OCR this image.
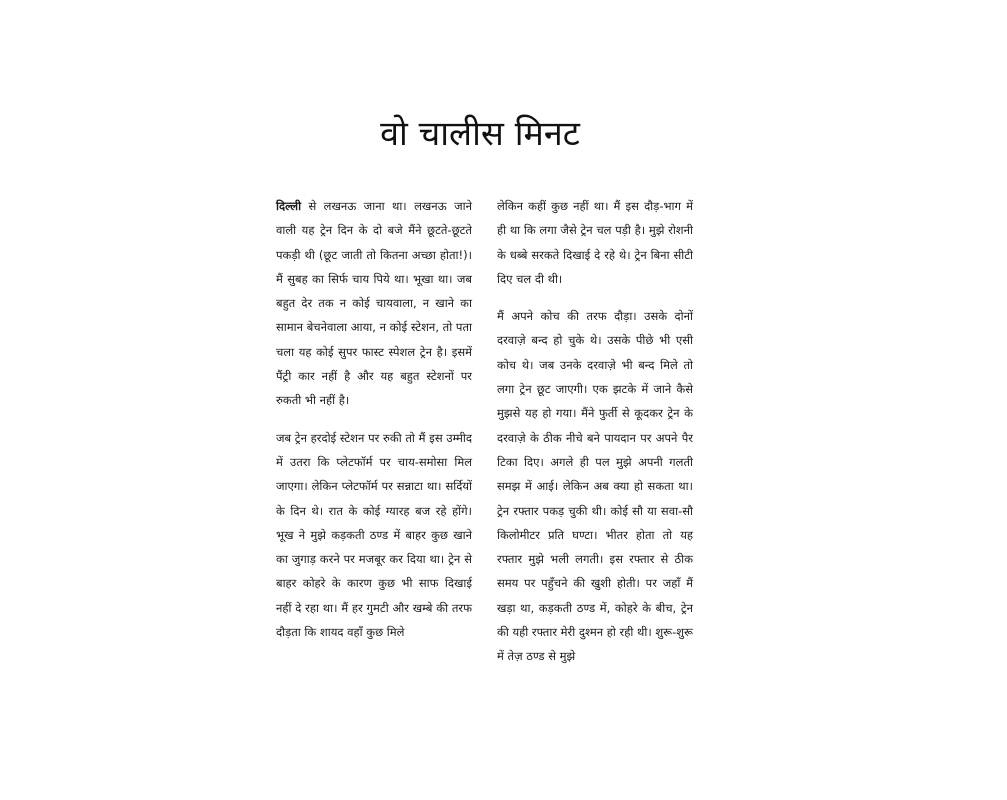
वो चालीस मिनट

दिल्ली से लखनऊ जाना था। लखनऊ जाने वाली यह ट्रेन दिन के दो बजे मैंने छूटते-छूटते पकड़ी थी (छूट जाती तो कितना अच्छा होता!)। मैं सुबह का सिर्फ चाय पिये था। भूखा था। जब बहुत देर तक न कोई चायवाला, न खाने का सामान बेचनेवाला आया, न कोई स्टेशन, तो पता चला यह कोई सुपर फास्ट स्पेशल ट्रेन है। इसमें पैंट्री कार नहीं है और यह बहुत स्टेशनों पर रुकती भी नहीं है।

जब ट्रेन हरदोई स्टेशन पर रुकी तो मैं इस उम्मीद में उतरा कि प्लेटफॉर्म पर चाय-समोसा मिल जाएगा। लेकिन प्लेटफॉर्म पर सन्नाटा था। सर्दियों के दिन थे। रात के कोई ग्यारह बज रहे होंगे। भूख ने मुझे कड़कती ठण्ड में बाहर कुछ खाने का जुगाड़ करने पर मजबूर कर दिया था। ट्रेन से बाहर कोहरे के कारण कुछ भी साफ दिखाई नहीं दे रहा था। मैं हर गुमटी और खम्बे की तरफ दौड़ता कि शायद वहाँ कुछ मिले

लेकिन कहीं कुछ नहीं था। मैं इस दौड़-भाग में ही था कि लगा जैसे ट्रेन चल पड़ी है। मुझे रोशनी के धब्बे सरकते दिखाई दे रहे थे। ट्रेन बिना सीटी दिए चल दी थी।

मैं अपने कोच की तरफ दौड़ा। उसके दोनों दरवाज़े बन्द हो चुके थे। उसके पीछे भी एसी कोच थे। जब उनके दरवाज़े भी बन्द मिले तो लगा ट्रेन छूट जाएगी। एक झटके में जाने कैसे मुझसे यह हो गया। मैंने फुर्ती से कूदकर ट्रेन के दरवाज़े के ठीक नीचे बने पायदान पर अपने पैर टिका दिए। अगले ही पल मुझे अपनी गलती समझ में आई। लेकिन अब क्या हो सकता था। ट्रेन रफ्तार पकड़ चुकी थी। कोई सौ या सवा-सौ किलोमीटर प्रति घण्टा। भीतर होता तो यह रफ्तार मुझे भली लगती। इस रफ्तार से ठीक समय पर पहुँचने की खुशी होती। पर जहाँ मैं खड़ा था, कड़कती ठण्ड में, कोहरे के बीच, ट्रेन की यही रफ्तार मेरी दुश्मन हो रही थी। शुरू-शुरू में तेज़ ठण्ड से मुझे
